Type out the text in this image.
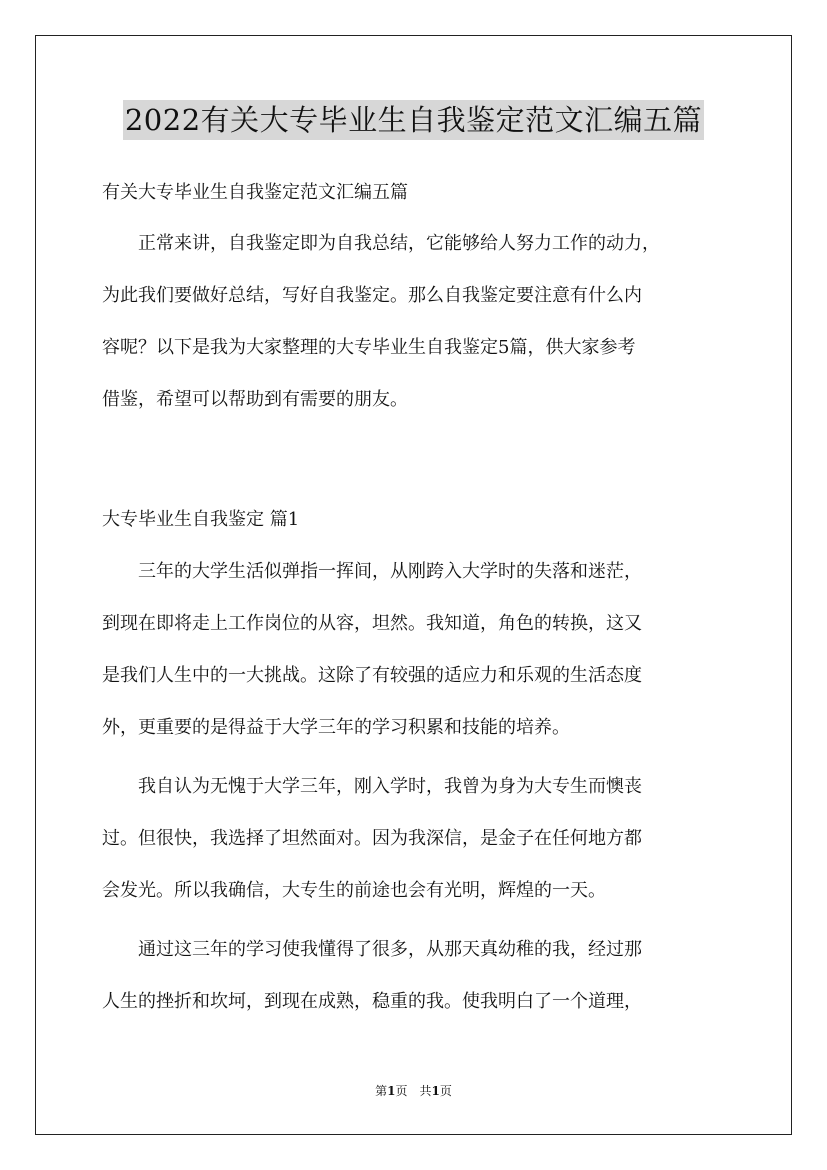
2022有关大专毕业生自我鉴定范文汇编五篇
有关大专毕业生自我鉴定范文汇编五篇
　　正常来讲，自我鉴定即为自我总结，它能够给人努力工作的动力，
为此我们要做好总结，写好自我鉴定。那么自我鉴定要注意有什么内
容呢？以下是我为大家整理的大专毕业生自我鉴定5篇，供大家参考
借鉴，希望可以帮助到有需要的朋友。
大专毕业生自我鉴定 篇1
　　三年的大学生活似弹指一挥间，从刚跨入大学时的失落和迷茫，
到现在即将走上工作岗位的从容，坦然。我知道，角色的转换，这又
是我们人生中的一大挑战。这除了有较强的适应力和乐观的生活态度
外，更重要的是得益于大学三年的学习积累和技能的培养。
　　我自认为无愧于大学三年，刚入学时，我曾为身为大专生而懊丧
过。但很快，我选择了坦然面对。因为我深信，是金子在任何地方都
会发光。所以我确信，大专生的前途也会有光明，辉煌的一天。
　　通过这三年的学习使我懂得了很多，从那天真幼稚的我，经过那
人生的挫折和坎坷，到现在成熟，稳重的我。使我明白了一个道理，
第1页　共1页
